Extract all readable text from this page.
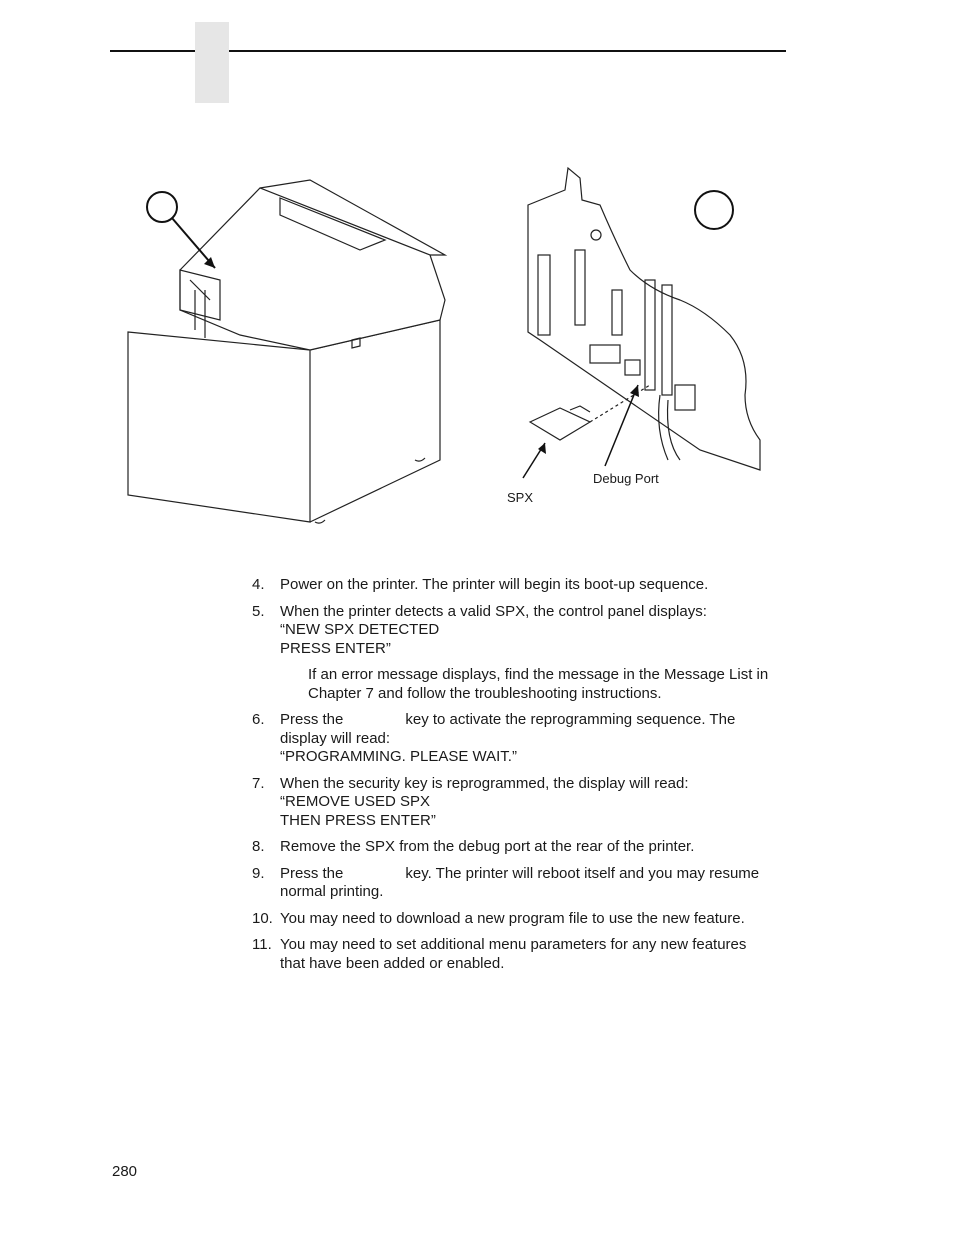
Debug Port
SPX
4. Power on the printer. The printer will begin its boot-up sequence.
5. When the printer detects a valid SPX, the control panel displays:
“NEW SPX DETECTED
PRESS ENTER”
If an error message displays, find the message in the Message List in
Chapter 7 and follow the troubleshooting instructions.
6. Press the	key to activate the reprogramming sequence. The
display will read:
“PROGRAMMING. PLEASE WAIT.”
7. When the security key is reprogrammed, the display will read:
“REMOVE USED SPX
THEN PRESS ENTER”
8. Remove the SPX from the debug port at the rear of the printer.
9. Press the	key. The printer will reboot itself and you may resume
normal printing.
10. You may need to download a new program file to use the new feature.
11. You may need to set additional menu parameters for any new features
that have been added or enabled.
280
